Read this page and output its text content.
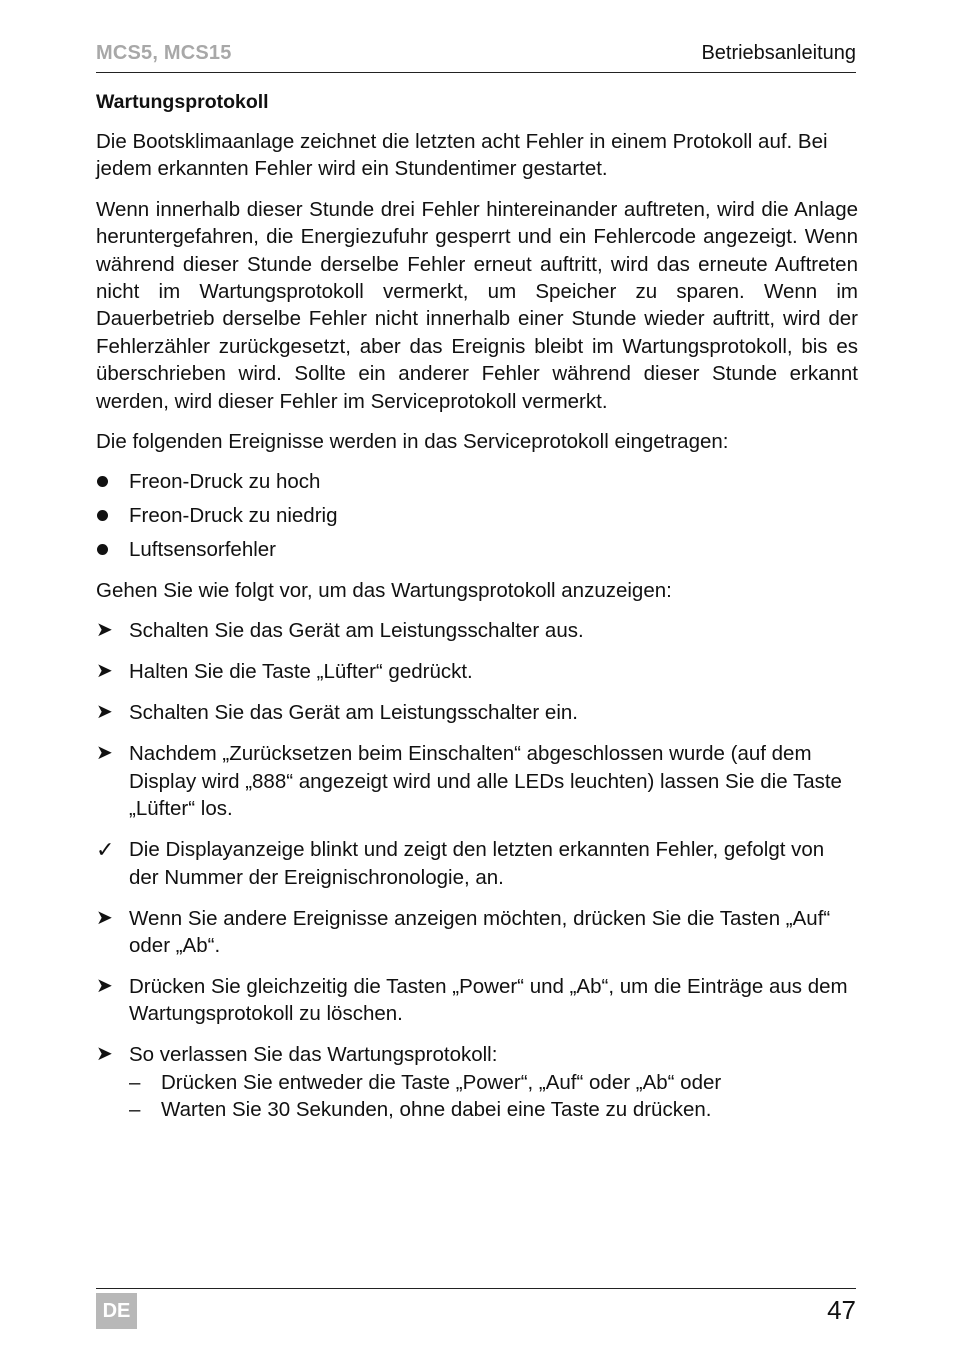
MCS5, MCS15	Betriebsanleitung
Wartungsprotokoll

Die Bootsklimaanlage zeichnet die letzten acht Fehler in einem Protokoll auf. Bei jedem erkannten Fehler wird ein Stundentimer gestartet.

Wenn innerhalb dieser Stunde drei Fehler hintereinander auftreten, wird die Anlage heruntergefahren, die Energiezufuhr gesperrt und ein Fehlercode angezeigt. Wenn während dieser Stunde derselbe Fehler erneut auftritt, wird das erneute Auftreten nicht im Wartungsprotokoll vermerkt, um Speicher zu sparen. Wenn im Dauerbetrieb derselbe Fehler nicht innerhalb einer Stunde wieder auftritt, wird der Fehlerzähler zurückgesetzt, aber das Ereignis bleibt im Wartungsprotokoll, bis es überschrieben wird. Sollte ein anderer Fehler während dieser Stunde erkannt werden, wird dieser Fehler im Serviceprotokoll vermerkt.

Die folgenden Ereignisse werden in das Serviceprotokoll eingetragen:

Freon-Druck zu hoch
Freon-Druck zu niedrig
Luftsensorfehler

Gehen Sie wie folgt vor, um das Wartungsprotokoll anzuzeigen:

➤ Schalten Sie das Gerät am Leistungsschalter aus.
➤ Halten Sie die Taste „Lüfter“ gedrückt.
➤ Schalten Sie das Gerät am Leistungsschalter ein.
➤ Nachdem „Zurücksetzen beim Einschalten“ abgeschlossen wurde (auf dem Display wird „888“ angezeigt wird und alle LEDs leuchten) lassen Sie die Taste „Lüfter“ los.
✓ Die Displayanzeige blinkt und zeigt den letzten erkannten Fehler, gefolgt von der Nummer der Ereignischronologie, an.
➤ Wenn Sie andere Ereignisse anzeigen möchten, drücken Sie die Tasten „Auf“ oder „Ab“.
➤ Drücken Sie gleichzeitig die Tasten „Power“ und „Ab“, um die Einträge aus dem Wartungsprotokoll zu löschen.
➤ So verlassen Sie das Wartungsprotokoll:
– Drücken Sie entweder die Taste „Power“, „Auf“ oder „Ab“ oder
– Warten Sie 30 Sekunden, ohne dabei eine Taste zu drücken.
DE	47
